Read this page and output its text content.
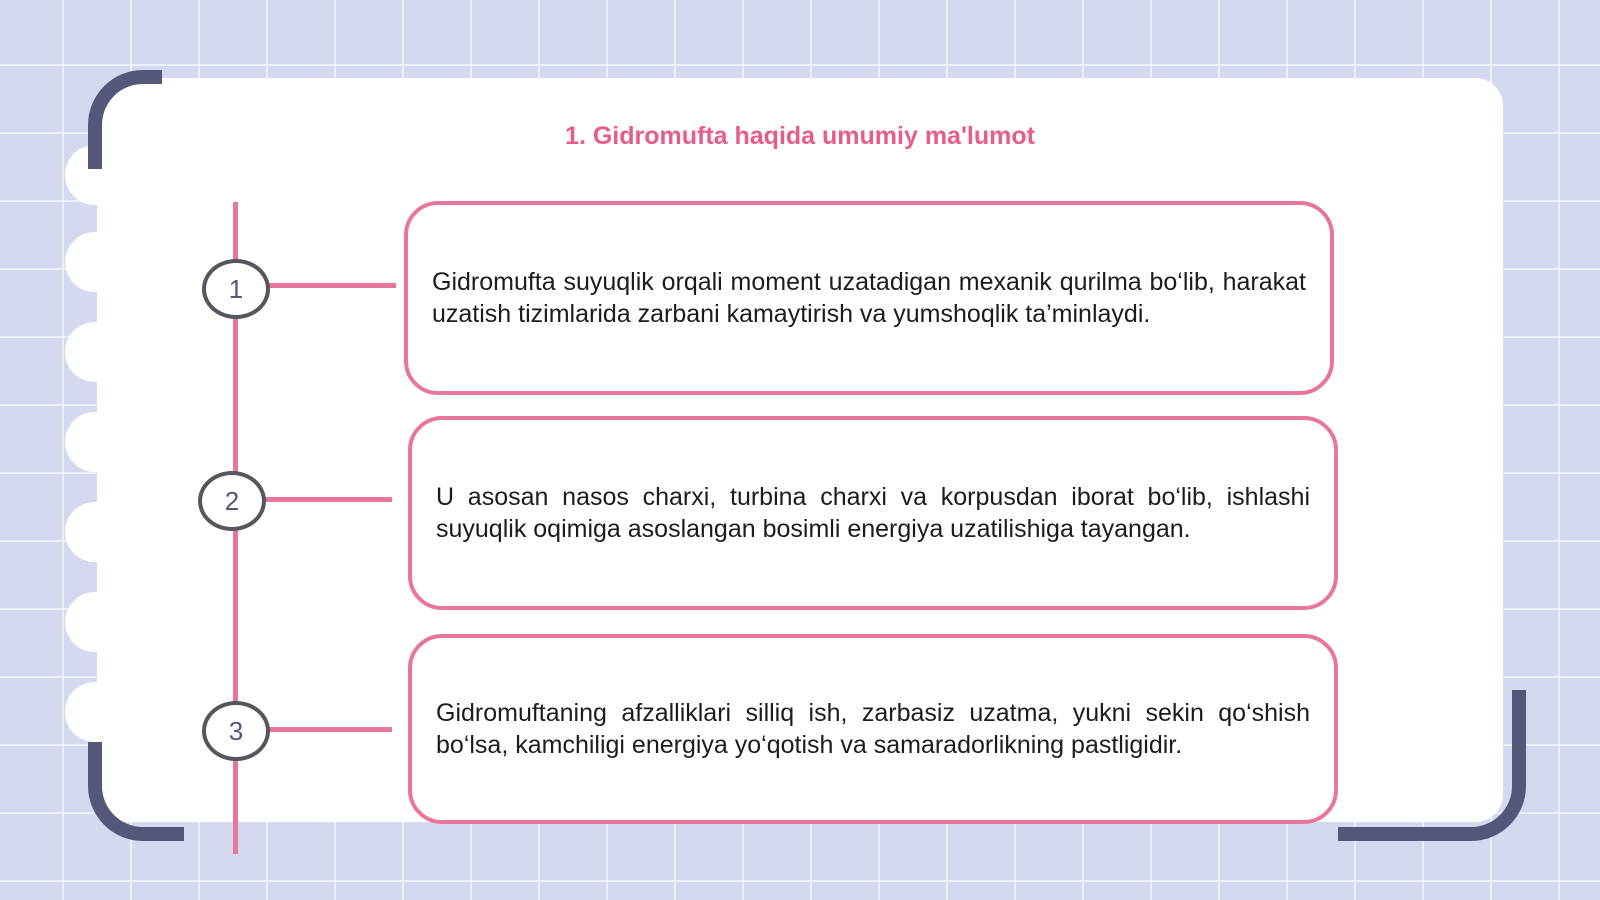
1. Gidromufta haqida umumiy ma'lumot
1
2
3

Gidromufta suyuqlik orqali moment uzatadigan mexanik qurilma bo‘lib, harakat uzatish tizimlarida zarbani kamaytirish va yumshoqlik ta’minlaydi.

U asosan nasos charxi, turbina charxi va korpusdan iborat bo‘lib, ishlashi suyuqlik oqimiga asoslangan bosimli energiya uzatilishiga tayangan.

Gidromuftaning afzalliklari silliq ish, zarbasiz uzatma, yukni sekin qo‘shish bo‘lsa, kamchiligi energiya yo‘qotish va samaradorlikning pastligidir.
